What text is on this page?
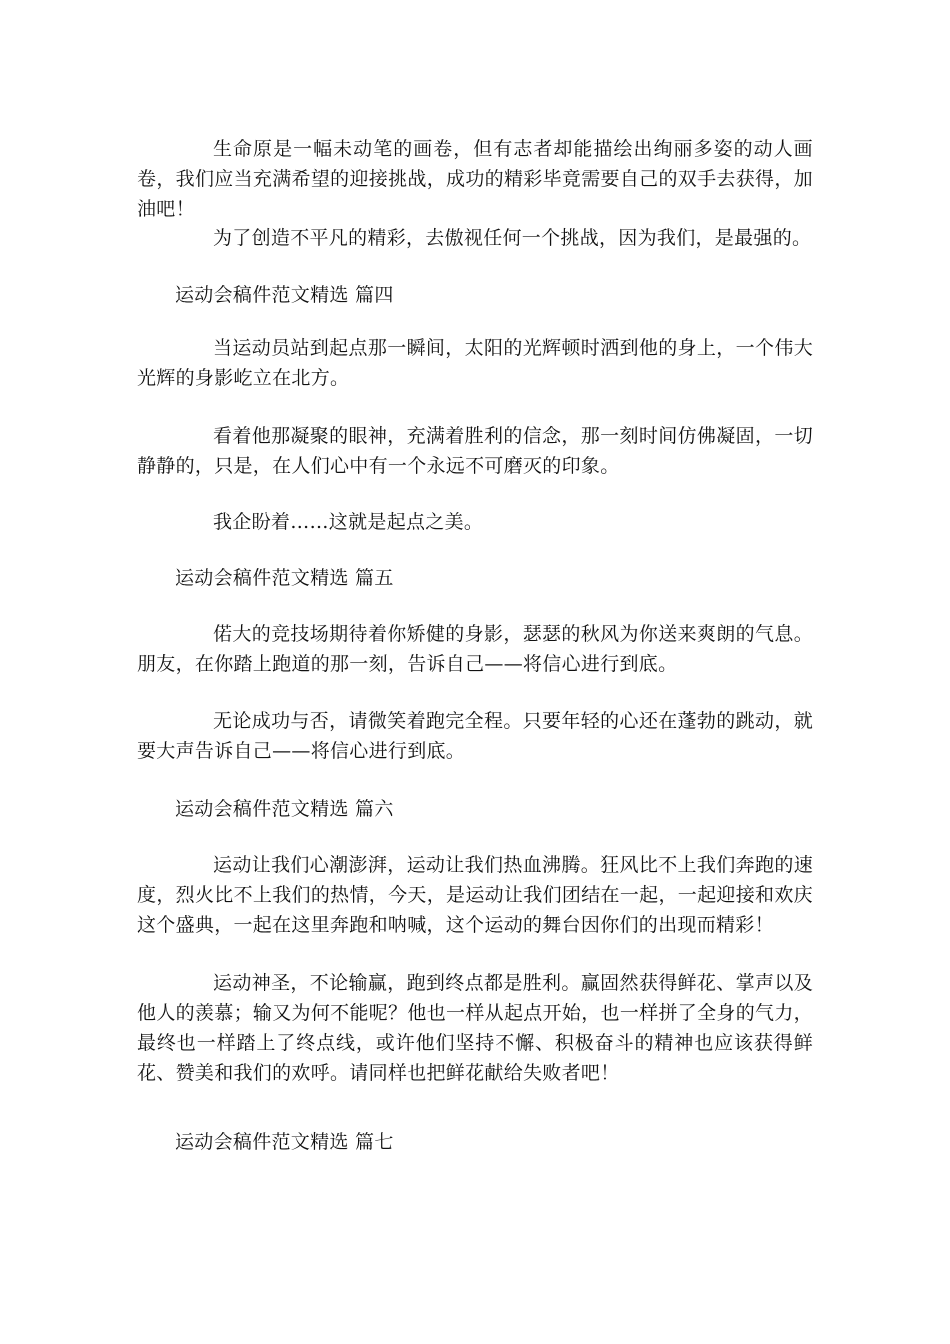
生命原是一幅未动笔的画卷，但有志者却能描绘出绚丽多姿的动人画卷，我们应当充满希望的迎接挑战，成功的精彩毕竟需要自己的双手去获得，加油吧！

为了创造不平凡的精彩，去傲视任何一个挑战，因为我们，是最强的。

运动会稿件范文精选 篇四

当运动员站到起点那一瞬间，太阳的光辉顿时洒到他的身上，一个伟大光辉的身影屹立在北方。

看着他那凝聚的眼神，充满着胜利的信念，那一刻时间仿佛凝固，一切静静的，只是，在人们心中有一个永远不可磨灭的印象。

我企盼着……这就是起点之美。

运动会稿件范文精选 篇五

偌大的竞技场期待着你矫健的身影，瑟瑟的秋风为你送来爽朗的气息。朋友，在你踏上跑道的那一刻，告诉自己——将信心进行到底。

无论成功与否，请微笑着跑完全程。只要年轻的心还在蓬勃的跳动，就要大声告诉自己——将信心进行到底。

运动会稿件范文精选 篇六

运动让我们心潮澎湃，运动让我们热血沸腾。狂风比不上我们奔跑的速度，烈火比不上我们的热情，今天，是运动让我们团结在一起，一起迎接和欢庆这个盛典，一起在这里奔跑和呐喊，这个运动的舞台因你们的出现而精彩！

运动神圣，不论输赢，跑到终点都是胜利。赢固然获得鲜花、掌声以及他人的羡慕；输又为何不能呢？他也一样从起点开始，也一样拼了全身的气力，最终也一样踏上了终点线，或许他们坚持不懈、积极奋斗的精神也应该获得鲜花、赞美和我们的欢呼。请同样也把鲜花献给失败者吧！

运动会稿件范文精选 篇七
